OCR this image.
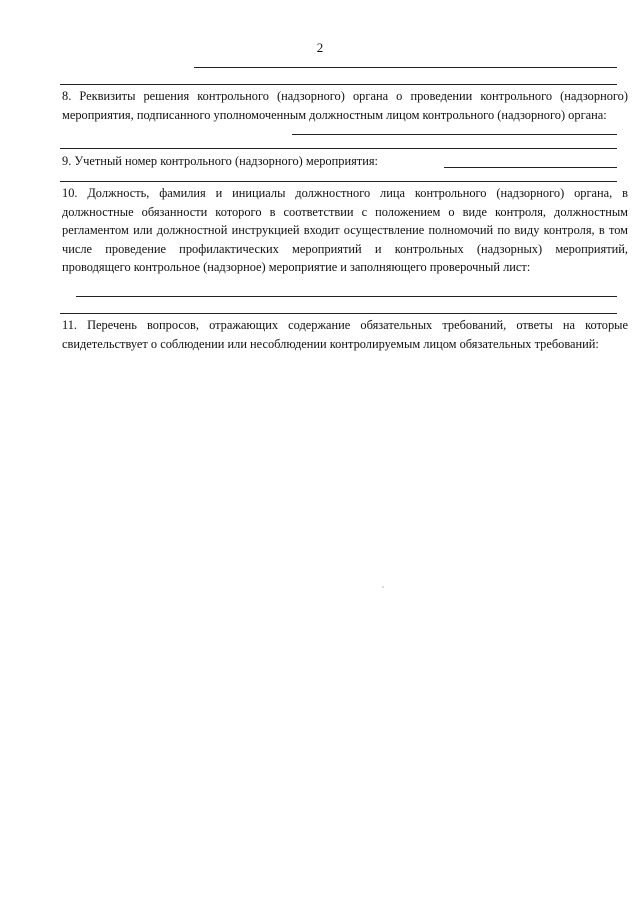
2

8. Реквизиты решения контрольного (надзорного) органа о проведении контрольного (надзорного) мероприятия, подписанного уполномоченным должностным лицом контрольного (надзорного) органа:

9. Учетный номер контрольного (надзорного) мероприятия:

10. Должность, фамилия и инициалы должностного лица контрольного (надзорного) органа, в должностные обязанности которого в соответствии с положением о виде контроля, должностным регламентом или должностной инструкцией входит осуществление полномочий по виду контроля, в том числе проведение профилактических мероприятий и контрольных (надзорных) мероприятий, проводящего контрольное (надзорное) мероприятие и заполняющего проверочный лист:

11. Перечень вопросов, отражающих содержание обязательных требований, ответы на которые свидетельствует о соблюдении или несоблюдении контролируемым лицом обязательных требований:
